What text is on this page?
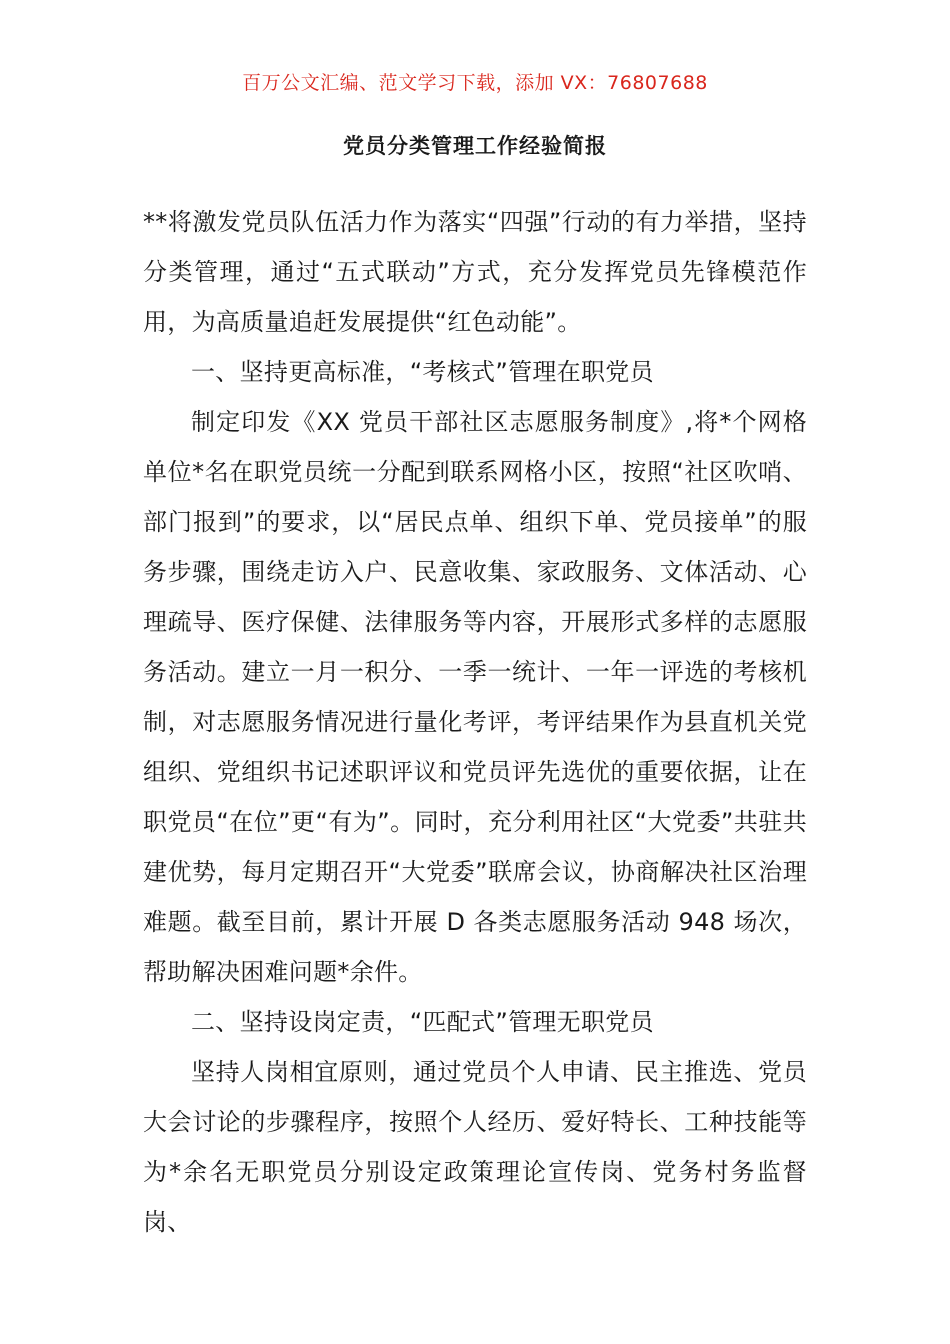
百万公文汇编、范文学习下载，添加 VX：76807688
党员分类管理工作经验简报

**将激发党员队伍活力作为落实“四强”行动的有力举措，坚持分类管理，通过“五式联动”方式，充分发挥党员先锋模范作用，为高质量追赶发展提供“红色动能”。

一、坚持更高标准，“考核式”管理在职党员

制定印发《XX 党员干部社区志愿服务制度》,将*个网格单位*名在职党员统一分配到联系网格小区，按照“社区吹哨、部门报到”的要求，以“居民点单、组织下单、党员接单”的服务步骤，围绕走访入户、民意收集、家政服务、文体活动、心理疏导、医疗保健、法律服务等内容，开展形式多样的志愿服务活动。建立一月一积分、一季一统计、一年一评选的考核机制，对志愿服务情况进行量化考评，考评结果作为县直机关党组织、党组织书记述职评议和党员评先选优的重要依据，让在职党员“在位”更“有为”。同时，充分利用社区“大党委”共驻共建优势，每月定期召开“大党委”联席会议，协商解决社区治理难题。截至目前，累计开展 D 各类志愿服务活动 948 场次，帮助解决困难问题*余件。

二、坚持设岗定责，“匹配式”管理无职党员

坚持人岗相宜原则，通过党员个人申请、民主推选、党员大会讨论的步骤程序，按照个人经历、爱好特长、工种技能等为*余名无职党员分别设定政策理论宣传岗、党务村务监督岗、
